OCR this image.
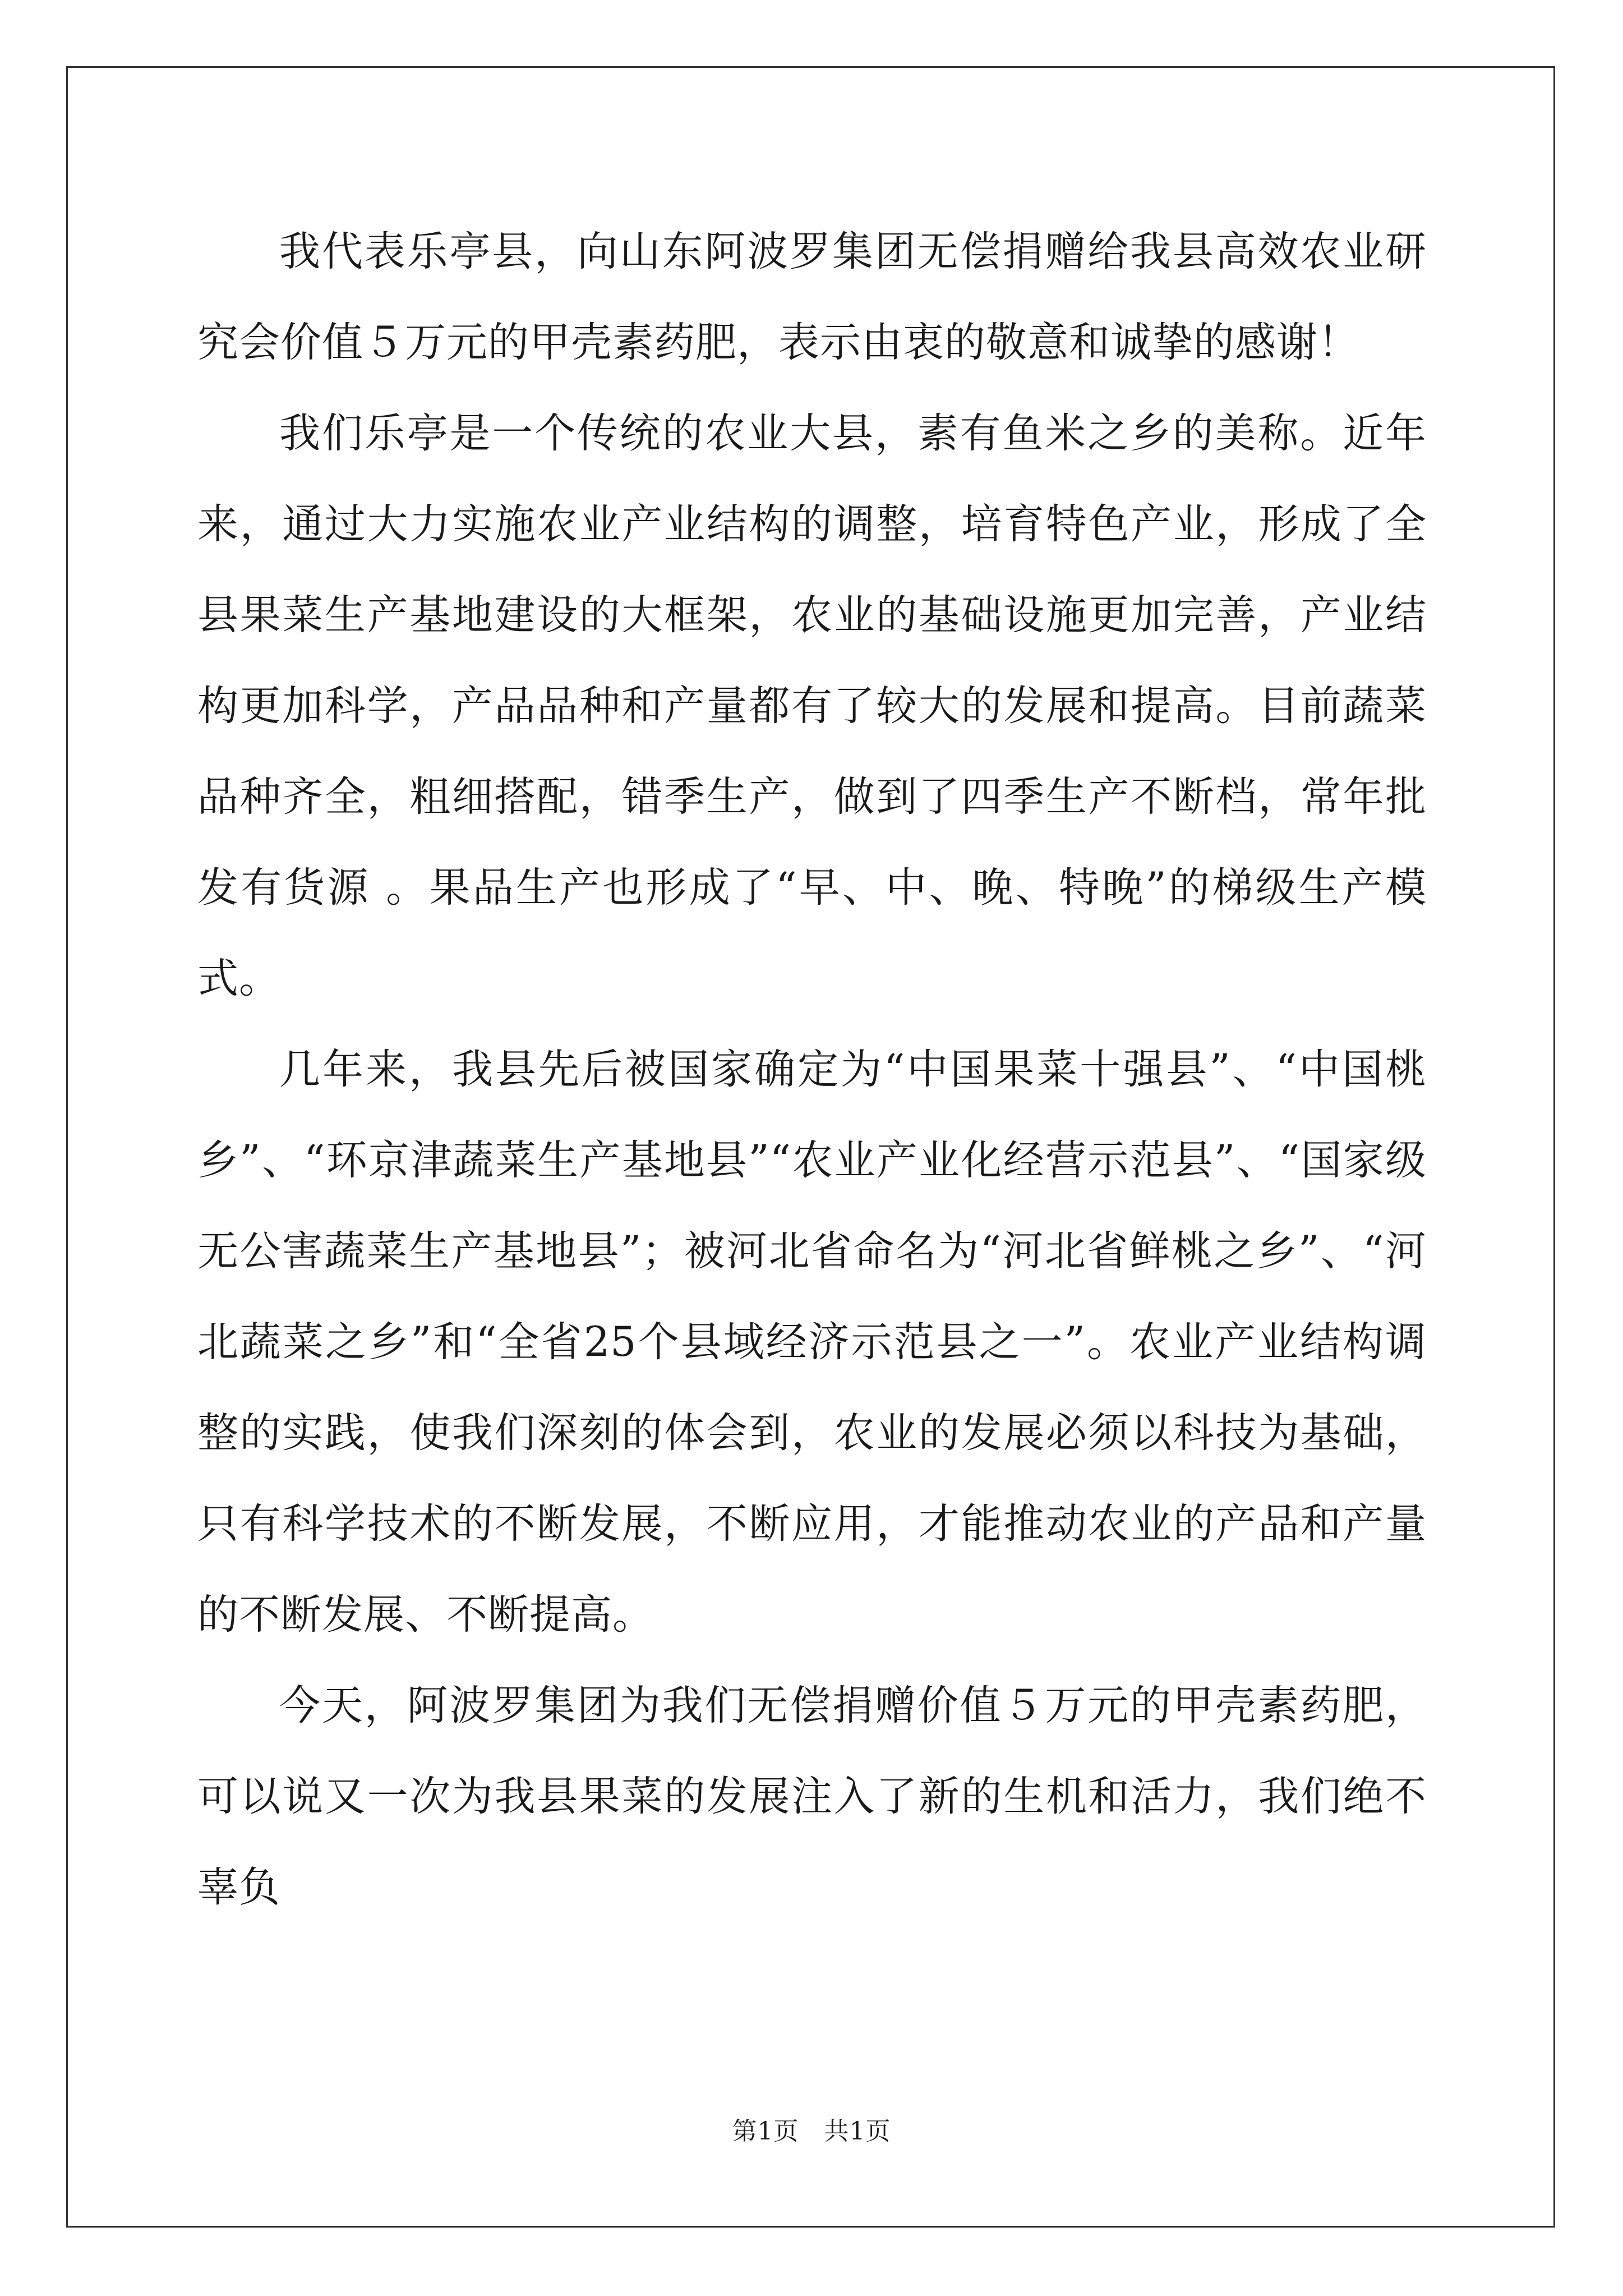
我代表乐亭县，向山东阿波罗集团无偿捐赠给我县高效农业研究会价值５万元的甲壳素药肥，表示由衷的敬意和诚挚的感谢！

我们乐亭是一个传统的农业大县，素有鱼米之乡的美称。近年来，通过大力实施农业产业结构的调整，培育特色产业，形成了全县果菜生产基地建设的大框架，农业的基础设施更加完善，产业结构更加科学，产品品种和产量都有了较大的发展和提高。目前蔬菜品种齐全，粗细搭配，错季生产，做到了四季生产不断档，常年批发有货源 。果品生产也形成了“早、中、晚、特晚”的梯级生产模式。

几年来，我县先后被国家确定为“中国果菜十强县”、“中国桃乡”、“环京津蔬菜生产基地县”“农业产业化经营示范县”、“国家级无公害蔬菜生产基地县”；被河北省命名为“河北省鲜桃之乡”、“河北蔬菜之乡”和“全省25个县域经济示范县之一”。农业产业结构调整的实践，使我们深刻的体会到，农业的发展必须以科技为基础，只有科学技术的不断发展，不断应用，才能推动农业的产品和产量的不断发展、不断提高。

今天，阿波罗集团为我们无偿捐赠价值５万元的甲壳素药肥，可以说又一次为我县果菜的发展注入了新的生机和活力，我们绝不辜负

第1页 共1页
